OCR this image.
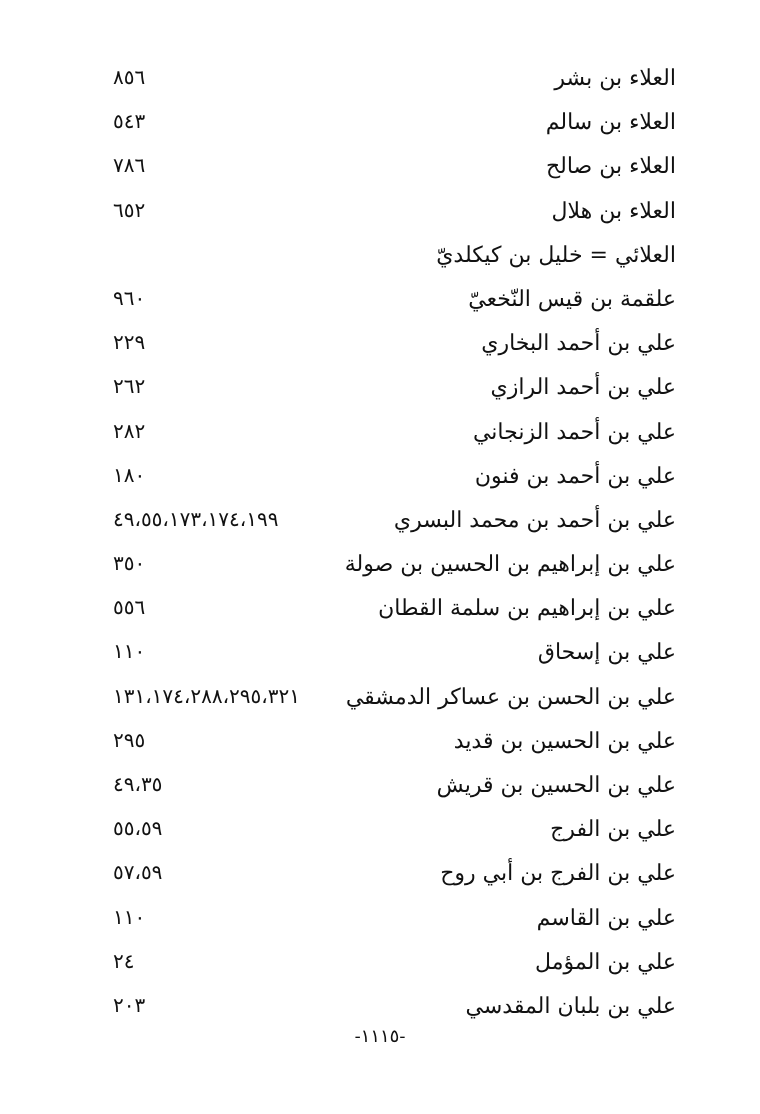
العلاء بن بشر
٨٥٦
العلاء بن سالم
٥٤٣
العلاء بن صالح
٧٨٦
العلاء بن هلال
٦٥٢
العلائي = خليل بن كيكلديّ
علقمة بن قيس النّخعيّ
٩٦٠
علي بن أحمد البخاري
٢٢٩
علي بن أحمد الرازي
٢٦٢
علي بن أحمد الزنجاني
٢٨٢
علي بن أحمد بن فنون
١٨٠
علي بن أحمد بن محمد البسري
٤٩،٥٥،١٧٣،١٧٤،١٩٩
علي بن إبراهيم بن الحسين بن صولة
٣٥٠
علي بن إبراهيم بن سلمة القطان
٥٥٦
علي بن إسحاق
١١٠
علي بن الحسن بن عساكر الدمشقي
١٣١،١٧٤،٢٨٨،٢٩٥،٣٢١
علي بن الحسين بن قديد
٢٩٥
علي بن الحسين بن قريش
٤٩،٣٥
علي بن الفرج
٥٥،٥٩
علي بن الفرج بن أبي روح
٥٧،٥٩
علي بن القاسم
١١٠
علي بن المؤمل
٢٤
علي بن بلبان المقدسي
٢٠٣
-١١١٥-
